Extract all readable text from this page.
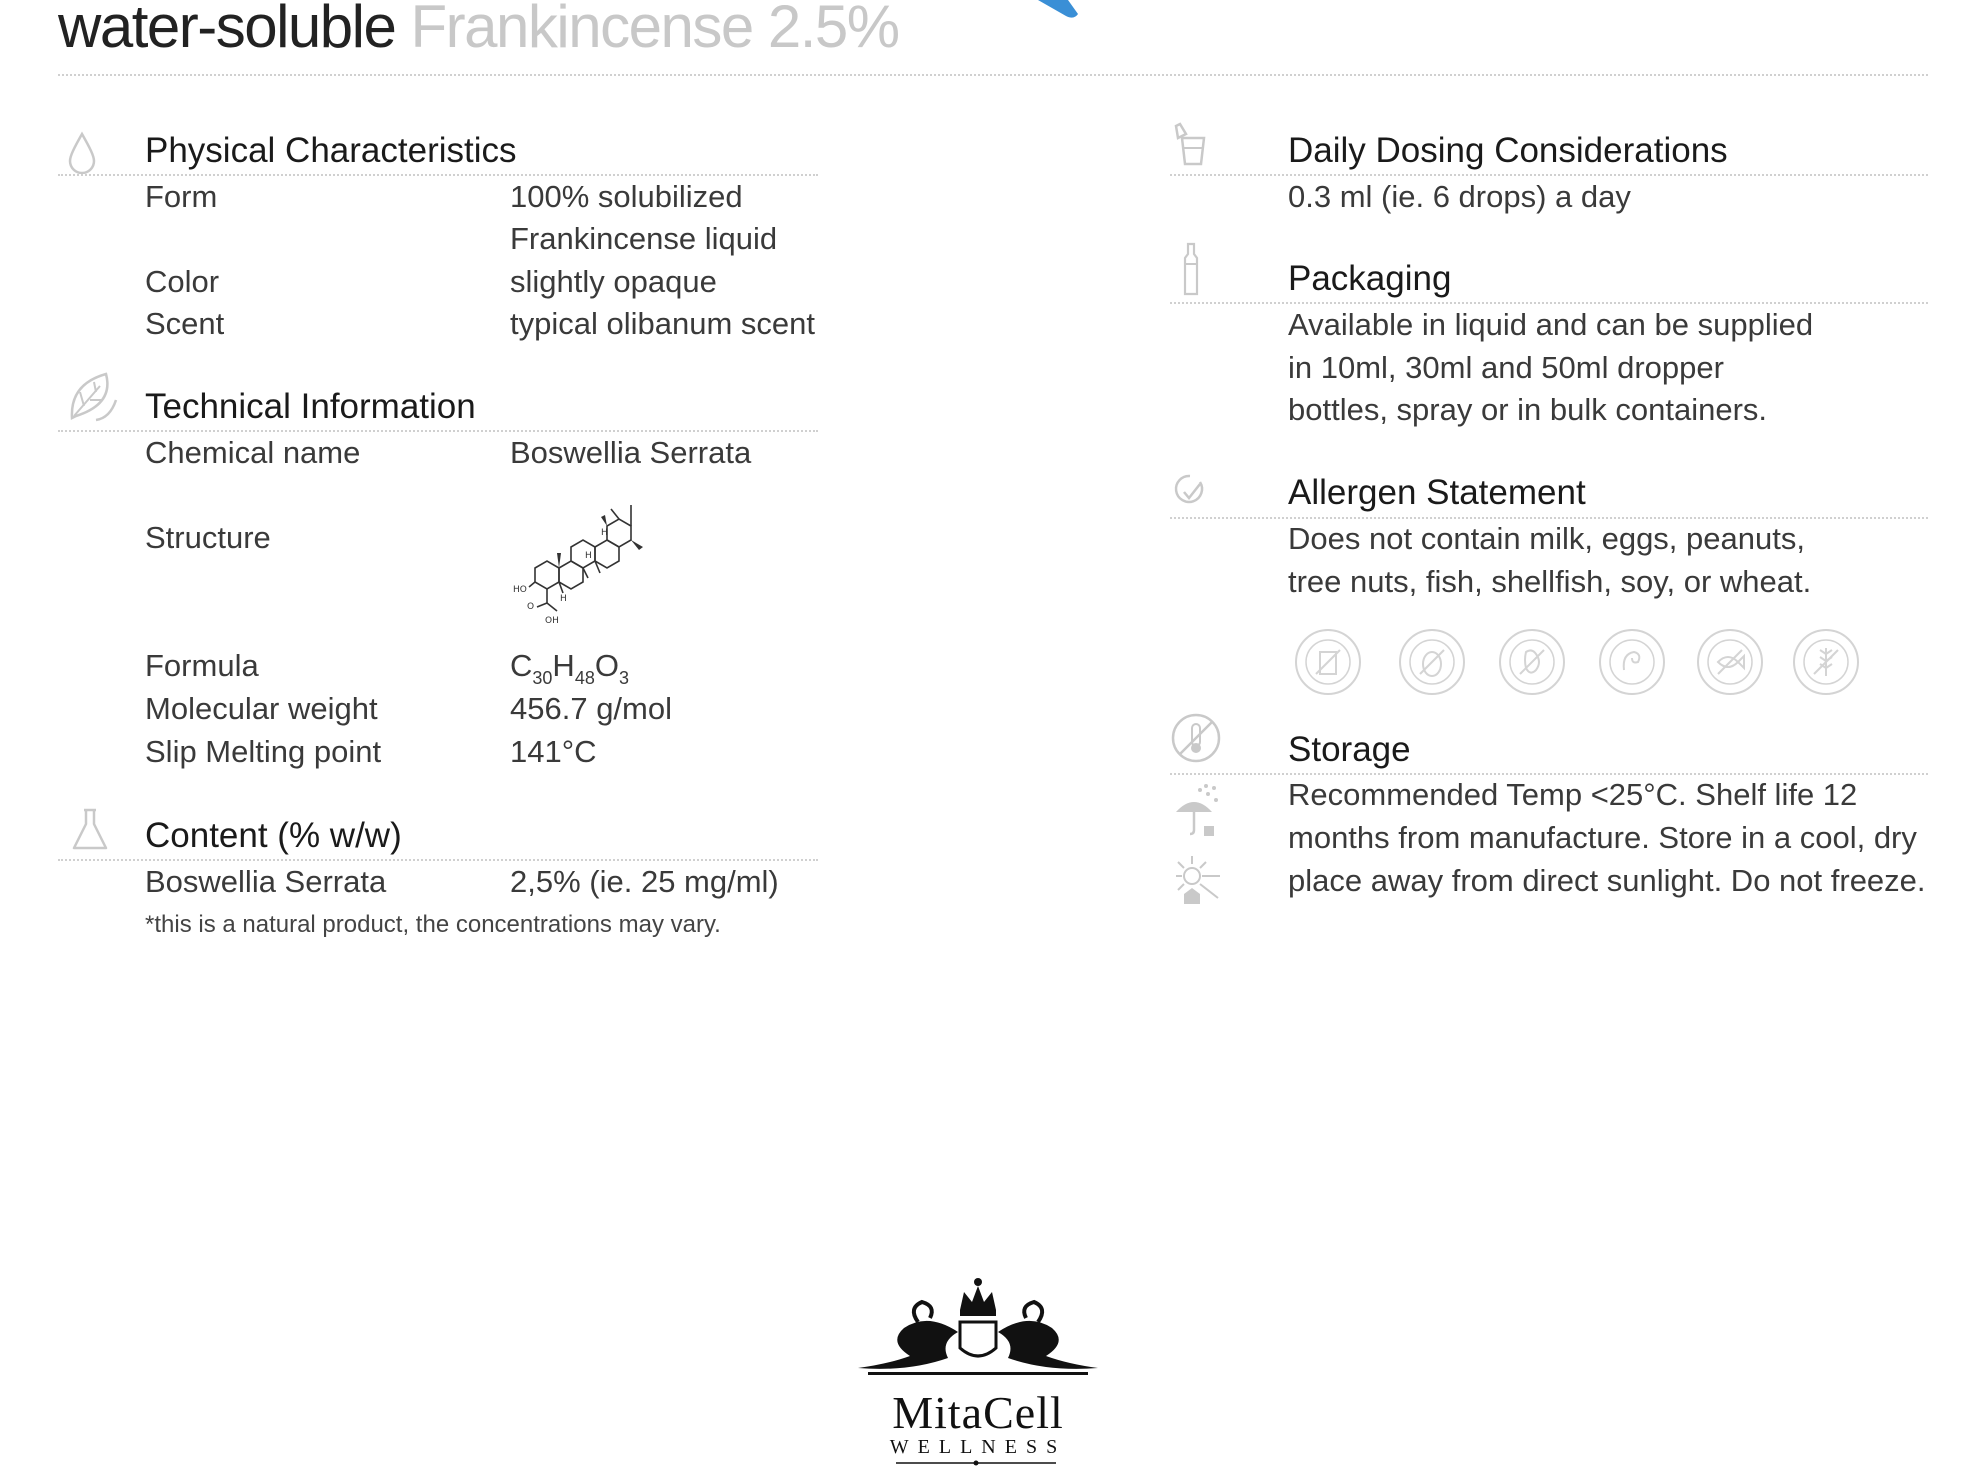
water-soluble Frankincense 2.5%
Physical Characteristics
Form	100% solubilized
Frankincense liquid
Color	slightly opaque
Scent	typical olibanum scent
Technical Information
Chemical name	Boswellia Serrata
Structure
HO
OH
O
H
H
H
Formula	$C_{30}H_{48}O_3$
Molecular weight	456.7 g/mol
Slip Melting point	141°C
Content (% w/w)
Boswellia Serrata	2,5% (ie. 25 mg/ml)
*this is a natural product, the concentrations may vary.
Daily Dosing Considerations
0.3 ml (ie. 6 drops) a day
Packaging
Available in liquid and can be supplied
in 10ml, 30ml and 50ml dropper
bottles, spray or in bulk containers.
Allergen Statement
Does not contain milk, eggs, peanuts,
tree nuts, fish, shellfish, soy, or wheat.
Storage
Recommended Temp <25°C. Shelf life 12
months from manufacture. Store in a cool, dry
place away from direct sunlight. Do not freeze.
MitaCell
WELLNESS
